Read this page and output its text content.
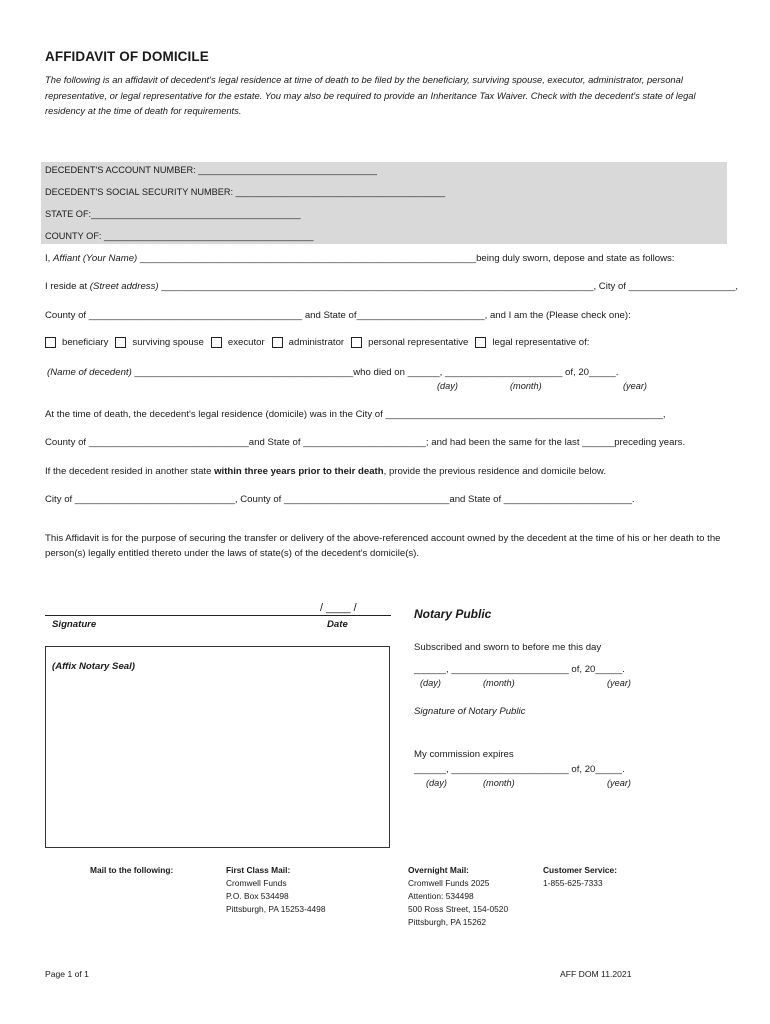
AFFIDAVIT OF DOMICILE
The following is an affidavit of decedent's legal residence at time of death to be filed by the beneficiary, surviving spouse, executor, administrator, personal representative, or legal representative for the estate. You may also be required to provide an Inheritance Tax Waiver. Check with the decedent's state of legal residency at the time of death for requirements.
DECEDENT'S ACCOUNT NUMBER: ___________________________________
DECEDENT'S SOCIAL SECURITY NUMBER: _________________________________________
STATE OF:_________________________________________
COUNTY OF: _________________________________________
I, Affiant (Your Name) _______________________________________________________________being duly sworn, depose and state as follows:
I reside at (Street address) _________________________________________________________________________________, City of ____________________,
County of ________________________________________ and State of________________________, and I am the (Please check one):
beneficiary	surviving spouse	executor	administrator	personal representative	legal representative of:
(Name of decedent) _________________________________________who died on ______, ______________________ of, 20_____.
(day)	(month)	(year)
At the time of death, the decedent's legal residence (domicile) was in the City of ____________________________________________________,
County of ______________________________and State of _______________________; and had been the same for the last ______preceding years.
If the decedent resided in another state within three years prior to their death, provide the previous residence and domicile below.
City of ______________________________, County of _______________________________and State of ________________________.
This Affidavit is for the purpose of securing the transfer or delivery of the above-referenced account owned by the decedent at the time of his or her death to the person(s) legally entitled thereto under the laws of state(s) of the decedent's domicile(s).
/ ____ /
Signature	Date
(Affix Notary Seal)
Notary Public
Subscribed and sworn to before me this day
______, ______________________ of, 20_____.
(day)	(month)	(year)
Signature of Notary Public
My commission expires
______, ______________________ of, 20_____.
(day)	(month)	(year)
Mail to the following:	First Class Mail:
Cromwell Funds
P.O. Box 534498
Pittsburgh, PA 15253-4498
Overnight Mail:
Cromwell Funds 2025
Attention: 534498
500 Ross Street, 154-0520
Pittsburgh, PA 15262
Customer Service:
1-855-625-7333
Page 1 of 1	AFF DOM 11.2021
